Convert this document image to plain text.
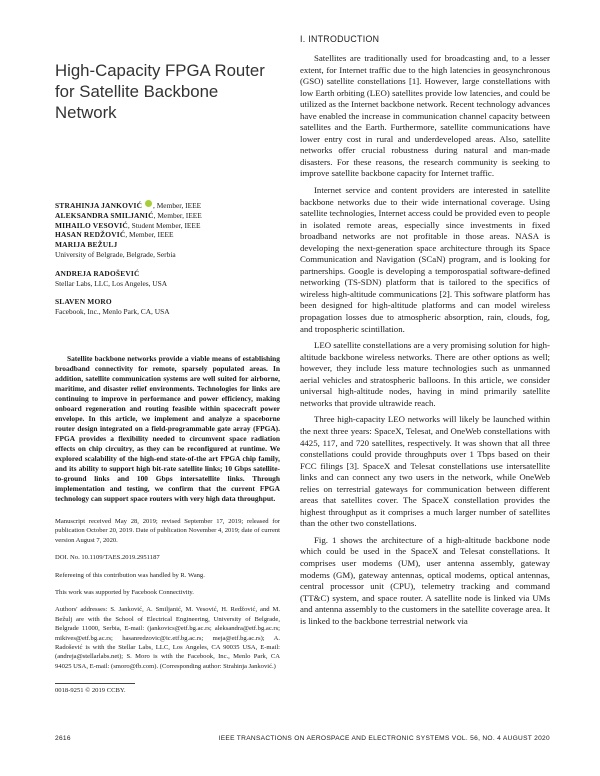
High-Capacity FPGA Router for Satellite Backbone Network
STRAHINJA JANKOVIĆ , Member, IEEE
ALEKSANDRA SMILJANIĆ, Member, IEEE
MIHAILO VESOVIĆ, Student Member, IEEE
HASAN REDŽOVIĆ, Member, IEEE
MARIJA BEŽULJ
University of Belgrade, Belgrade, Serbia
ANDREJA RADOŠEVIĆ
Stellar Labs, LLC, Los Angeles, USA
SLAVEN MORO
Facebook, Inc., Menlo Park, CA, USA

Satellite backbone networks provide a viable means of establishing broadband connectivity for remote, sparsely populated areas. In addition, satellite communication systems are well suited for airborne, maritime, and disaster relief environments. Technologies for links are continuing to improve in performance and power efficiency, making onboard regeneration and routing feasible within spacecraft power envelope. In this article, we implement and analyze a spaceborne router design integrated on a field-programmable gate array (FPGA). FPGA provides a flexibility needed to circumvent space radiation effects on chip circuitry, as they can be reconfigured at runtime. We explored scalability of the high-end state-of-the art FPGA chip family, and its ability to support high bit-rate satellite links; 10 Gbps satellite-to-ground links and 100 Gbps intersatellite links. Through implementation and testing, we confirm that the current FPGA technology can support space routers with very high data throughput.

Manuscript received May 28, 2019; revised September 17, 2019; released for publication October 20, 2019. Date of publication November 4, 2019; date of current version August 7, 2020.

DOI. No. 10.1109/TAES.2019.2951187

Refereeing of this contribution was handled by R. Wang.

This work was supported by Facebook Connectivity.

Authors' addresses: S. Janković, A. Smiljanić, M. Vesović, H. Redžović, and M. Bežulj are with the School of Electrical Engineering, University of Belgrade, Belgrade 11000, Serbia, E-mail: (jankovics@etf.bg.ac.rs; aleksandra@etf.bg.ac.rs; mikives@etf.bg.ac.rs; hasanredzovic@ic.etf.bg.ac.rs; meja@etf.bg.ac.rs); A. Radošević is with the Stellar Labs, LLC, Los Angeles, CA 90035 USA, E-mail: (andreja@stellarlabs.net); S. Moro is with the Facebook, Inc., Menlo Park, CA 94025 USA, E-mail: (smoro@fb.com). (Corresponding author: Strahinja Janković.)

0018-9251 © 2019 CCBY.

I. INTRODUCTION

Satellites are traditionally used for broadcasting and, to a lesser extent, for Internet traffic due to the high latencies in geosynchronous (GSO) satellite constellations [1]. However, large constellations with low Earth orbiting (LEO) satellites provide low latencies, and could be utilized as the Internet backbone network. Recent technology advances have enabled the increase in communication channel capacity between satellites and the Earth. Furthermore, satellite communications have lower entry cost in rural and underdeveloped areas. Also, satellite networks offer crucial robustness during natural and man-made disasters. For these reasons, the research community is seeking to improve satellite backbone capacity for Internet traffic.

Internet service and content providers are interested in satellite backbone networks due to their wide international coverage. Using satellite technologies, Internet access could be provided even to people in isolated remote areas, especially since investments in fixed broadband networks are not profitable in those areas. NASA is developing the next-generation space architecture through its Space Communication and Navigation (SCaN) program, and is looking for partnerships. Google is developing a temporospatial software-defined networking (TS-SDN) platform that is tailored to the specifics of wireless high-altitude communications [2]. This software platform has been designed for high-altitude platforms and can model wireless propagation losses due to atmospheric absorption, rain, clouds, fog, and tropospheric scintillation.

LEO satellite constellations are a very promising solution for high-altitude backbone wireless networks. There are other options as well; however, they include less mature technologies such as unmanned aerial vehicles and stratospheric balloons. In this article, we consider universal high-altitude nodes, having in mind primarily satellite networks that provide ultrawide reach.

Three high-capacity LEO networks will likely be launched within the next three years: SpaceX, Telesat, and OneWeb constellations with 4425, 117, and 720 satellites, respectively. It was shown that all three constellations could provide throughputs over 1 Tbps based on their FCC filings [3]. SpaceX and Telesat constellations use intersatellite links and can connect any two users in the network, while OneWeb relies on terrestrial gateways for communication between different areas that satellites cover. The SpaceX constellation provides the highest throughput as it comprises a much larger number of satellites than the other two constellations.

Fig. 1 shows the architecture of a high-altitude backbone node which could be used in the SpaceX and Telesat constellations. It comprises user modems (UM), user antenna assembly, gateway modems (GM), gateway antennas, optical modems, optical antennas, central processor unit (CPU), telemetry tracking and command (TT&C) system, and space router. A satellite node is linked via UMs and antenna assembly to the customers in the satellite coverage area. It is linked to the backbone terrestrial network via

2616	IEEE TRANSACTIONS ON AEROSPACE AND ELECTRONIC SYSTEMS VOL. 56, NO. 4 AUGUST 2020
